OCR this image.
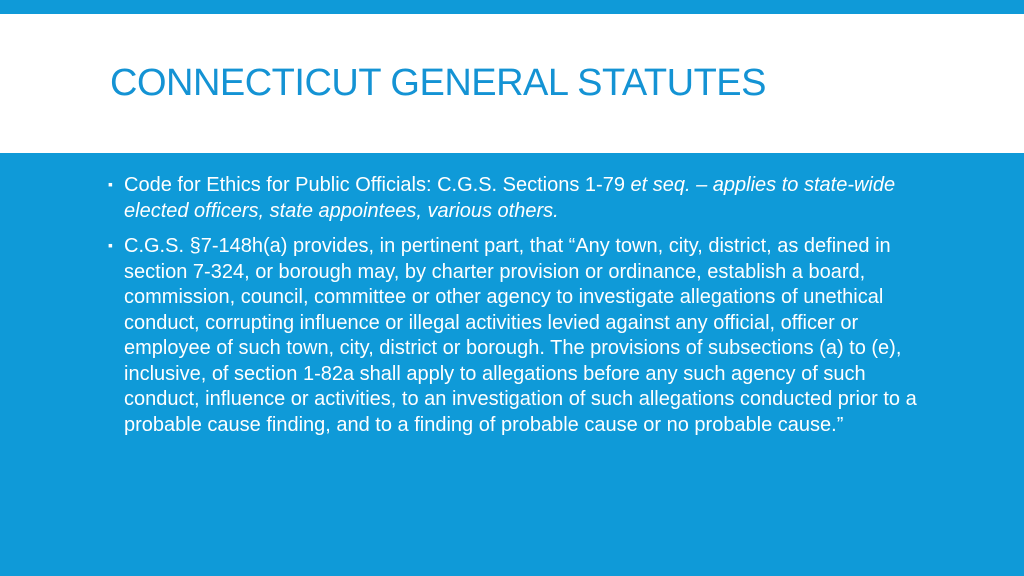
CONNECTICUT GENERAL STATUTES
▪ Code for Ethics for Public Officials: C.G.S. Sections 1-79 et seq. – applies to state-wide elected officers, state appointees, various others.
▪ C.G.S. §7-148h(a) provides, in pertinent part, that “Any town, city, district, as defined in section 7-324, or borough may, by charter provision or ordinance, establish a board, commission, council, committee or other agency to investigate allegations of unethical conduct, corrupting influence or illegal activities levied against any official, officer or employee of such town, city, district or borough. The provisions of subsections (a) to (e), inclusive, of section 1-82a shall apply to allegations before any such agency of such conduct, influence or activities, to an investigation of such allegations conducted prior to a probable cause finding, and to a finding of probable cause or no probable cause.”
